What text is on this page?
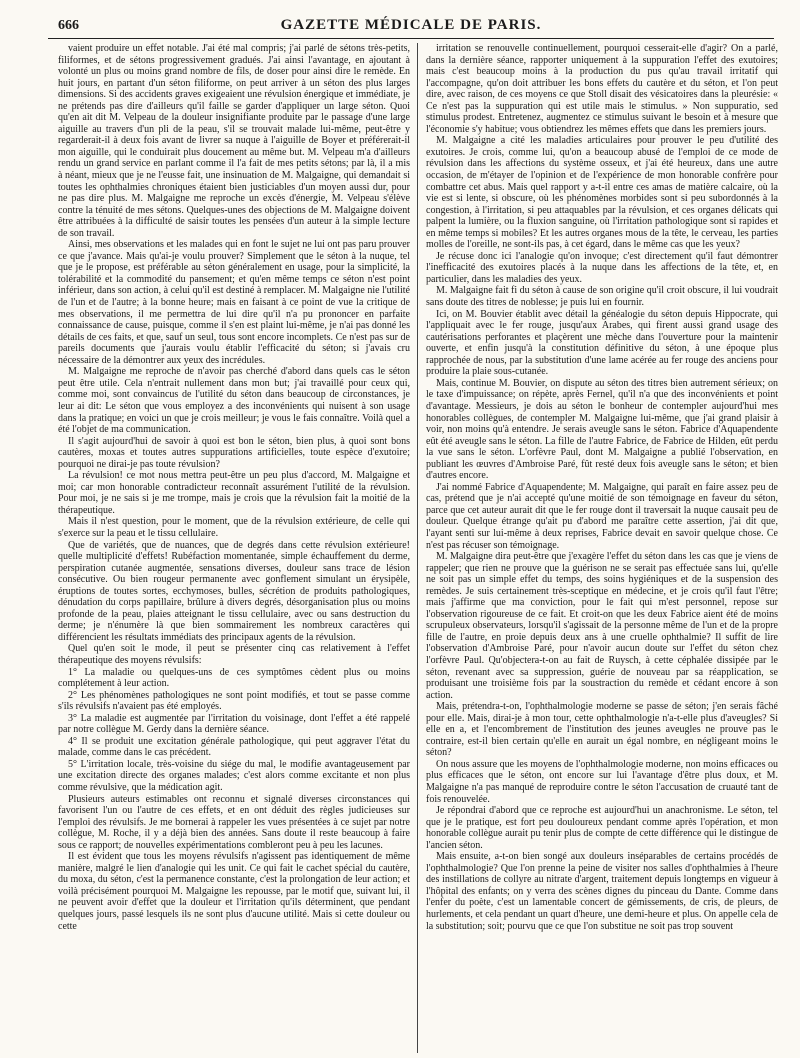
666	GAZETTE MÉDICALE DE PARIS.

vaient produire un effet notable. J'ai été mal compris; j'ai parlé de sétons très-petits, filiformes, et de sétons progressivement gradués. J'ai ainsi l'avantage, en ajoutant à volonté un plus ou moins grand nombre de fils, de doser pour ainsi dire le remède. En huit jours, en partant d'un séton filiforme, on peut arriver à un séton des plus larges dimensions. Si des accidents graves exigeaient une révulsion énergique et immédiate, je ne prétends pas dire d'ailleurs qu'il faille se garder d'appliquer un large séton. Quoi qu'en ait dit M. Velpeau de la douleur insignifiante produite par le passage d'une large aiguille au travers d'un pli de la peau, s'il se trouvait malade lui-même, peut-être y regarderait-il à deux fois avant de livrer sa nuque à l'aiguille de Boyer et préférerait-il mon aiguille, qui le conduirait plus doucement au même but. M. Velpeau m'a d'ailleurs rendu un grand service en parlant comme il l'a fait de mes petits sétons; par là, il a mis à néant, mieux que je ne l'eusse fait, une insinuation de M. Malgaigne, qui demandait si toutes les ophthalmies chroniques étaient bien justiciables d'un moyen aussi dur, pour ne pas dire plus. M. Malgaigne me reproche un excès d'énergie, M. Velpeau s'élève contre la ténuité de mes sétons. Quelques-unes des objections de M. Malgaigne doivent être attribuées à la difficulté de saisir toutes les pensées d'un auteur à la simple lecture de son travail.

Ainsi, mes observations et les malades qui en font le sujet ne lui ont pas paru prouver ce que j'avance. Mais qu'ai-je voulu prouver? Simplement que le séton à la nuque, tel que je le propose, est préférable au séton généralement en usage, pour la simplicité, la tolérabilité et la commodité du pansement; et qu'en même temps ce séton n'est point inférieur, dans son action, à celui qu'il est destiné à remplacer. M. Malgaigne nie l'utilité de l'un et de l'autre; à la bonne heure; mais en faisant à ce point de vue la critique de mes observations, il me permettra de lui dire qu'il n'a pu prononcer en parfaite connaissance de cause, puisque, comme il s'en est plaint lui-même, je n'ai pas donné les détails de ces faits, et que, sauf un seul, tous sont encore incomplets. Ce n'est pas sur de pareils documents que j'aurais voulu établir l'efficacité du séton; si j'avais cru nécessaire de la démontrer aux yeux des incrédules.

M. Malgaigne me reproche de n'avoir pas cherché d'abord dans quels cas le séton peut être utile. Cela n'entrait nullement dans mon but; j'ai travaillé pour ceux qui, comme moi, sont convaincus de l'utilité du séton dans beaucoup de circonstances, je leur ai dit: Le séton que vous employez a des inconvénients qui nuisent à son usage dans la pratique; en voici un que je crois meilleur; je vous le fais connaître. Voilà quel a été l'objet de ma communication.

Il s'agit aujourd'hui de savoir à quoi est bon le séton, bien plus, à quoi sont bons cautères, moxas et toutes autres suppurations artificielles, toute espèce d'exutoire; pourquoi ne dirai-je pas toute révulsion?

La révulsion! ce mot nous mettra peut-être un peu plus d'accord, M. Malgaigne et moi; car mon honorable contradicteur reconnaît assurément l'utilité de la révulsion. Pour moi, je ne sais si je me trompe, mais je crois que la révulsion fait la moitié de la thérapeutique.

Mais il n'est question, pour le moment, que de la révulsion extérieure, de celle qui s'exerce sur la peau et le tissu cellulaire.

Que de variétés, que de nuances, que de degrés dans cette révulsion extérieure! quelle multiplicité d'effets! Rubéfaction momentanée, simple échauffement du derme, perspiration cutanée augmentée, sensations diverses, douleur sans trace de lésion consécutive. Ou bien rougeur permanente avec gonflement simulant un érysipèle, éruptions de toutes sortes, ecchymoses, bulles, sécrétion de produits pathologiques, dénudation du corps papillaire, brûlure à divers degrés, désorganisation plus ou moins profonde de la peau, plaies atteignant le tissu cellulaire, avec ou sans destruction du derme; je n'énumère là que bien sommairement les nombreux caractères qui différencient les résultats immédiats des principaux agents de la révulsion.

Quel qu'en soit le mode, il peut se présenter cinq cas relativement à l'effet thérapeutique des moyens révulsifs:

1° La maladie ou quelques-uns de ces symptômes cèdent plus ou moins complétement à leur action.

2° Les phénomènes pathologiques ne sont point modifiés, et tout se passe comme s'ils révulsifs n'avaient pas été employés.

3° La maladie est augmentée par l'irritation du voisinage, dont l'effet a été rappelé par notre collègue M. Gerdy dans la dernière séance.

4° Il se produit une excitation générale pathologique, qui peut aggraver l'état du malade, comme dans le cas précédent.

5° L'irritation locale, très-voisine du siége du mal, le modifie avantageusement par une excitation directe des organes malades; c'est alors comme excitante et non plus comme révulsive, que la médication agit.

Plusieurs auteurs estimables ont reconnu et signalé diverses circonstances qui favorisent l'un ou l'autre de ces effets, et en ont déduit des règles judicieuses sur l'emploi des révulsifs. Je me bornerai à rappeler les vues présentées à ce sujet par notre collègue, M. Roche, il y a déjà bien des années. Sans doute il reste beaucoup à faire sous ce rapport; de nouvelles expérimentations combleront peu à peu les lacunes.

Il est évident que tous les moyens révulsifs n'agissent pas identiquement de même manière, malgré le lien d'analogie qui les unit. Ce qui fait le cachet spécial du cautère, du moxa, du séton, c'est la permanence constante, c'est la prolongation de leur action; et voilà précisément pourquoi M. Malgaigne les repousse, par le motif que, suivant lui, il ne peuvent avoir d'effet que la douleur et l'irritation qu'ils déterminent, que pendant quelques jours, passé lesquels ils ne sont plus d'aucune utilité. Mais si cette douleur ou cette

irritation se renouvelle continuellement, pourquoi cesserait-elle d'agir? On a parlé, dans la dernière séance, rapporter uniquement à la suppuration l'effet des exutoires; mais c'est beaucoup moins à la production du pus qu'au travail irritatif qui l'accompagne, qu'on doit attribuer les bons effets du cautère et du séton, et l'on peut dire, avec raison, de ces moyens ce que Stoll disait des vésicatoires dans la pleurésie: « Ce n'est pas la suppuration qui est utile mais le stimulus. » Non suppuratio, sed stimulus prodest. Entretenez, augmentez ce stimulus suivant le besoin et à mesure que l'économie s'y habitue; vous obtiendrez les mêmes effets que dans les premiers jours.

M. Malgaigne a cité les maladies articulaires pour prouver le peu d'utilité des exutoires. Je crois, comme lui, qu'on a beaucoup abusé de l'emploi de ce mode de révulsion dans les affections du système osseux, et j'ai été heureux, dans une autre occasion, de m'étayer de l'opinion et de l'expérience de mon honorable confrère pour combattre cet abus. Mais quel rapport y a-t-il entre ces amas de matière calcaire, où la vie est si lente, si obscure, où les phénomènes morbides sont si peu subordonnés à la congestion, à l'irritation, si peu attaquables par la révulsion, et ces organes délicats qui palpent la lumière, ou la fluxion sanguine, où l'irritation pathologique sont si rapides et en même temps si mobiles? Et les autres organes mous de la tête, le cerveau, les parties molles de l'oreille, ne sont-ils pas, à cet égard, dans le même cas que les yeux?

Je récuse donc ici l'analogie qu'on invoque; c'est directement qu'il faut démontrer l'inefficacité des exutoires placés à la nuque dans les affections de la tête, et, en particulier, dans les maladies des yeux.

M. Malgaigne fait fi du séton à cause de son origine qu'il croit obscure, il lui voudrait sans doute des titres de noblesse; je puis lui en fournir.

Ici, on M. Bouvier établit avec détail la généalogie du séton depuis Hippocrate, qui l'appliquait avec le fer rouge, jusqu'aux Arabes, qui firent aussi grand usage des cautérisations perforantes et plaçèrent une mèche dans l'ouverture pour la maintenir ouverte, et enfin jusqu'à la constitution définitive du séton, à une époque plus rapprochée de nous, par la substitution d'une lame acérée au fer rouge des anciens pour produire la plaie sous-cutanée.

Mais, continue M. Bouvier, on dispute au séton des titres bien autrement sérieux; on le taxe d'impuissance; on répète, après Fernel, qu'il n'a que des inconvénients et point d'avantage. Messieurs, je dois au séton le bonheur de contempler aujourd'hui mes honorables collègues, de contempler M. Malgaigne lui-même, que j'ai grand plaisir à voir, non moins qu'à entendre. Je serais aveugle sans le séton. Fabrice d'Aquapendente eût été aveugle sans le séton. La fille de l'autre Fabrice, de Fabrice de Hilden, eût perdu la vue sans le séton. L'orfèvre Paul, dont M. Malgaigne a publié l'observation, en publiant les œuvres d'Ambroise Paré, fût resté deux fois aveugle sans le séton; et bien d'autres encore.

J'ai nommé Fabrice d'Aquapendente; M. Malgaigne, qui paraît en faire assez peu de cas, prétend que je n'ai accepté qu'une moitié de son témoignage en faveur du séton, parce que cet auteur aurait dit que le fer rouge dont il traversait la nuque causait peu de douleur. Quelque étrange qu'ait pu d'abord me paraître cette assertion, j'ai dit que, l'ayant senti sur lui-même à deux reprises, Fabrice devait en savoir quelque chose. Ce n'est pas récuser son témoignage.

M. Malgaigne dira peut-être que j'exagère l'effet du séton dans les cas que je viens de rappeler; que rien ne prouve que la guérison ne se serait pas effectuée sans lui, qu'elle ne soit pas un simple effet du temps, des soins hygiéniques et de la suspension des remèdes. Je suis certainement très-sceptique en médecine, et je crois qu'il faut l'être; mais j'affirme que ma conviction, pour le fait qui m'est personnel, repose sur l'observation rigoureuse de ce fait. Et croit-on que les deux Fabrice aient été de moins scrupuleux observateurs, lorsqu'il s'agissait de la personne même de l'un et de la propre fille de l'autre, en proie depuis deux ans à une cruelle ophthalmie? Il suffit de lire l'observation d'Ambroise Paré, pour n'avoir aucun doute sur l'effet du séton chez l'orfèvre Paul. Qu'objectera-t-on au fait de Ruysch, à cette céphalée dissipée par le séton, revenant avec sa suppression, guérie de nouveau par sa réapplication, se produisant une troisième fois par la soustraction du remède et cédant encore à son action.

Mais, prétendra-t-on, l'ophthalmologie moderne se passe de séton; j'en serais fâché pour elle. Mais, dirai-je à mon tour, cette ophthalmologie n'a-t-elle plus d'aveugles? Si elle en a, et l'encombrement de l'institution des jeunes aveugles ne prouve pas le contraire, est-il bien certain qu'elle en aurait un égal nombre, en négligeant moins le séton?

On nous assure que les moyens de l'ophthalmologie moderne, non moins efficaces ou plus efficaces que le séton, ont encore sur lui l'avantage d'être plus doux, et M. Malgaigne n'a pas manqué de reproduire contre le séton l'accusation de cruauté tant de fois renouvelée.

Je répondrai d'abord que ce reproche est aujourd'hui un anachronisme. Le séton, tel que je le pratique, est fort peu douloureux pendant comme après l'opération, et mon honorable collègue aurait pu tenir plus de compte de cette différence qui le distingue de l'ancien séton.

Mais ensuite, a-t-on bien songé aux douleurs inséparables de certains procédés de l'ophthalmologie? Que l'on prenne la peine de visiter nos salles d'ophthalmies à l'heure des instillations de collyre au nitrate d'argent, traitement depuis longtemps en vigueur à l'hôpital des enfants; on y verra des scènes dignes du pinceau du Dante. Comme dans l'enfer du poète, c'est un lamentable concert de gémissements, de cris, de pleurs, de hurlements, et cela pendant un quart d'heure, une demi-heure et plus. On appelle cela de la substitution; soit; pourvu que ce que l'on substitue ne soit pas trop souvent
